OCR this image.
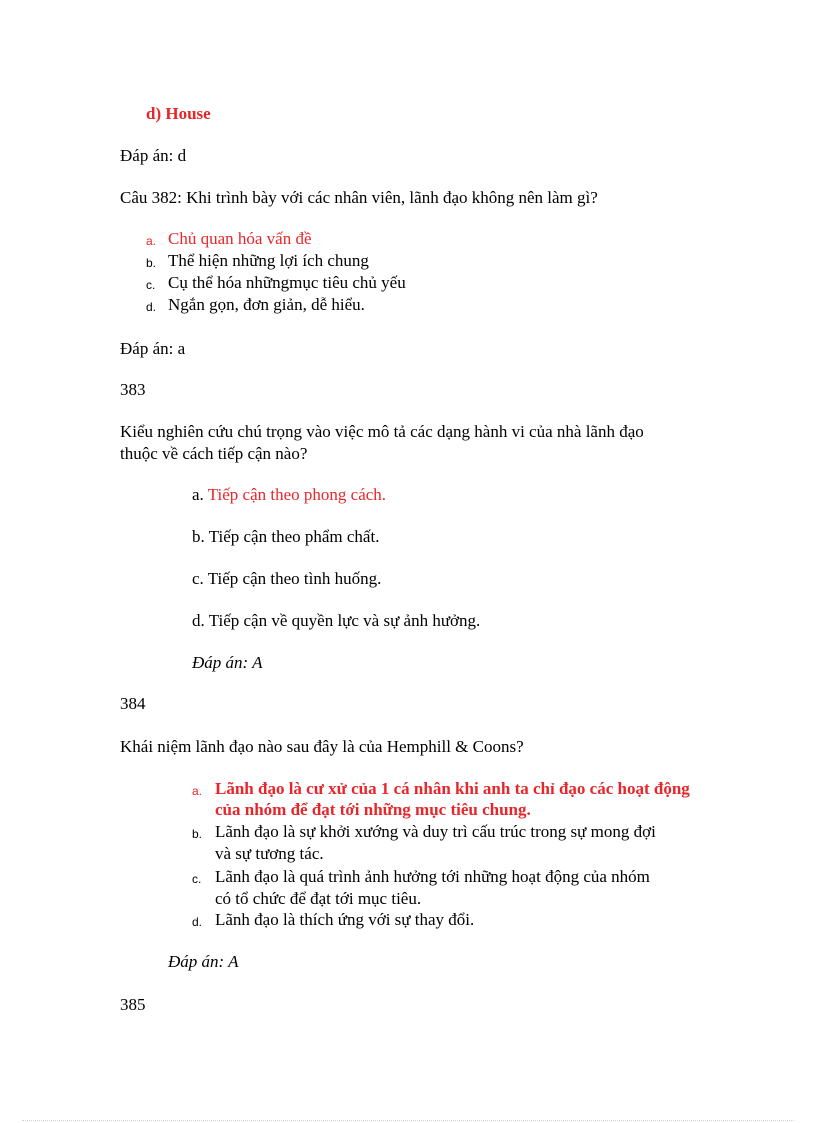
d) House
Đáp án: d
Câu 382: Khi trình bày với các nhân viên, lãnh đạo không nên làm gì?
a. Chủ quan hóa vấn đề
b. Thể hiện những lợi ích chung
c. Cụ thể hóa nhữngmục tiêu chủ yếu
d. Ngắn gọn, đơn giản, dễ hiểu.
Đáp án: a
383
Kiểu nghiên cứu chú trọng vào việc mô tả các dạng hành vi của nhà lãnh đạo
thuộc về cách tiếp cận nào?
a. Tiếp cận theo phong cách.
b. Tiếp cận theo phẩm chất.
c. Tiếp cận theo tình huống.
d. Tiếp cận về quyền lực và sự ảnh hưởng.
Đáp án: A
384
Khái niệm lãnh đạo nào sau đây là của Hemphill & Coons?
a. Lãnh đạo là cư xử của 1 cá nhân khi anh ta chỉ đạo các hoạt động
của nhóm để đạt tới những mục tiêu chung.
b. Lãnh đạo là sự khởi xướng và duy trì cấu trúc trong sự mong đợi
và sự tương tác.
c. Lãnh đạo là quá trình ảnh hưởng tới những hoạt động của nhóm
có tổ chức để đạt tới mục tiêu.
d. Lãnh đạo là thích ứng với sự thay đổi.
Đáp án: A
385
